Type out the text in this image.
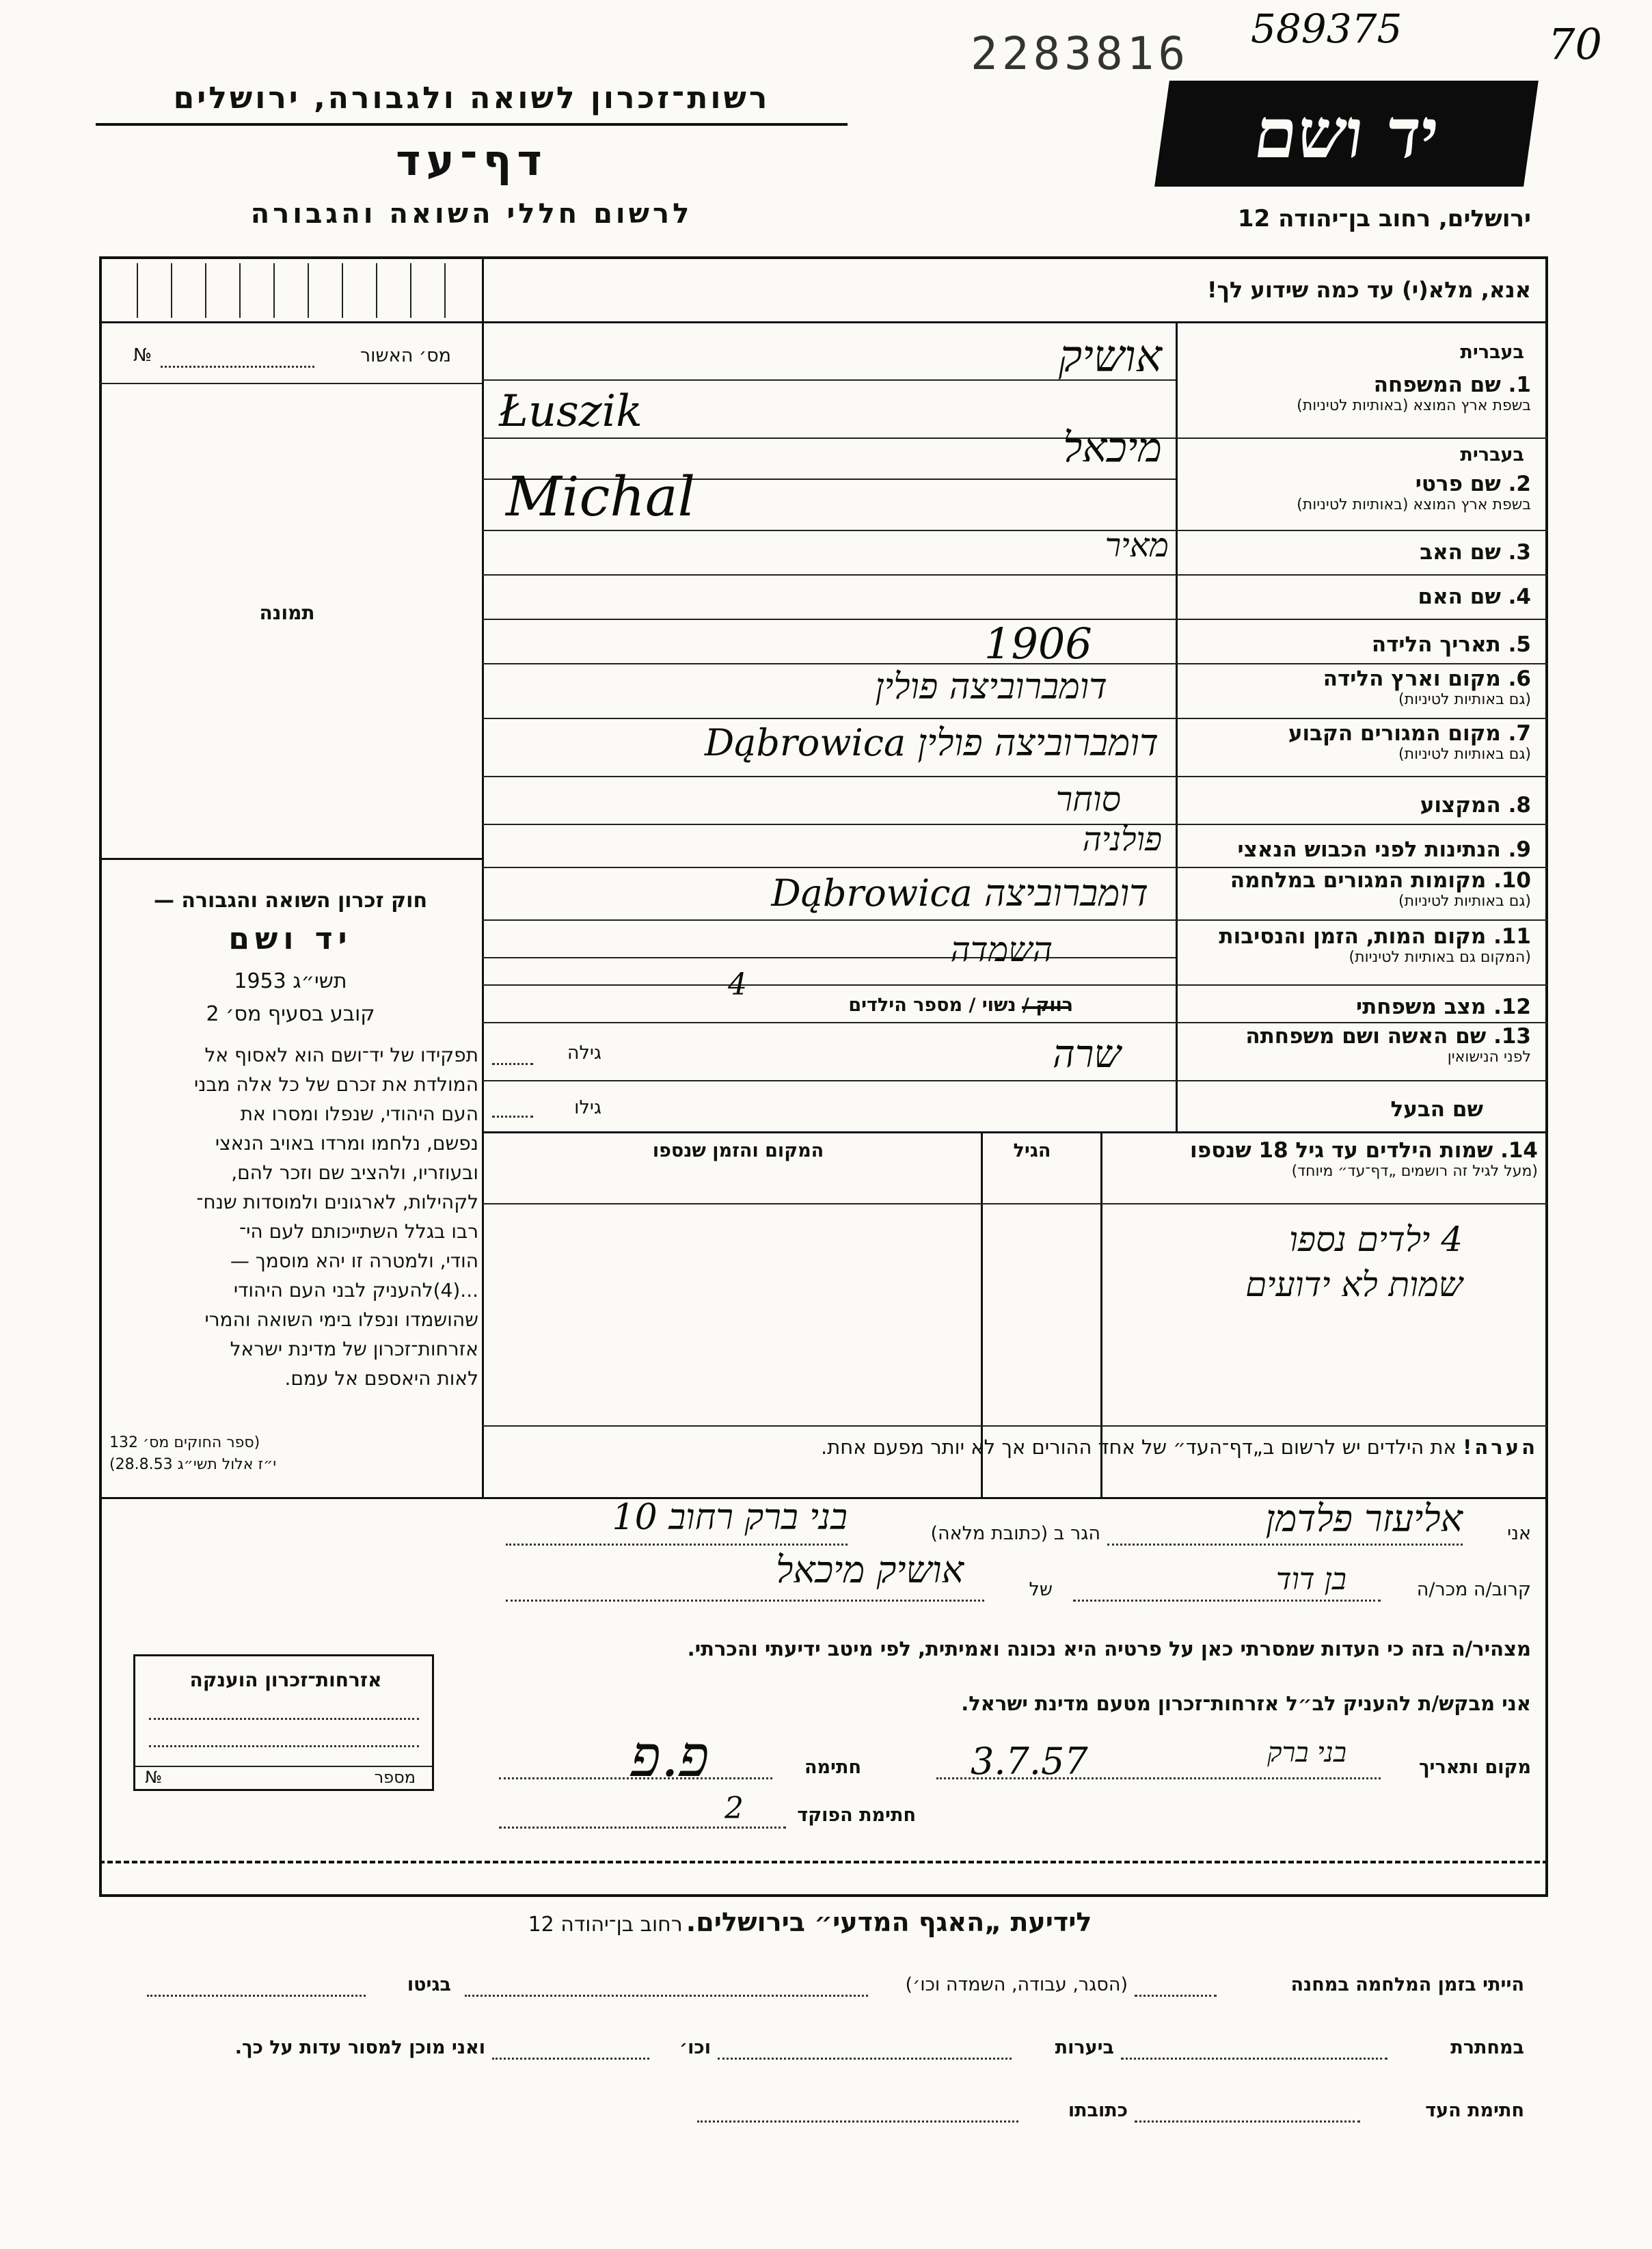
2283816 589375	70
רשות־זכרון לשואה ולגבורה, ירושלים
דף־עד
לרשום חללי השואה והגבורה
יד ושם
ירושלים, רחוב בן־יהודה 12
אנא, מלא(י) עד כמה שידוע לך!
מס׳ האשור
№
תמונה
חוק זכרון השואה והגבורה —
יד ושם
תשי״ג 1953
קובע בסעיף מס׳ 2

תפקידו של יד־ושם הוא לאסוף אל

המולדת את זכרם של כל אלה מבני

העם היהודי, שנפלו ומסרו את

נפשם, נלחמו ומרדו באויב הנאצי

ובעוזריו, ולהציב שם וזכר להם,

לקהילות, לארגונים ולמוסדות שנח־

רבו בגלל השתייכותם לעם הי־

הודי, ולמטרה זו יהא מוסמך —

...(4)להעניק לבני העם היהודי

שהושמדו ונפלו בימי השואה והמרי

אזרחות־זכרון של מדינת ישראל

לאות היאספם אל עמם.

(ספר החוקים מס׳ 132
י״ז אלול תשי״ג 28.8.53)
בעברית
1. שם המשפחה
בשפת ארץ המוצא (באותיות לטיניות)
בעברית
2. שם פרטי
בשפת ארץ המוצא (באותיות לטיניות)
3. שם האב
4. שם האם
5. תאריך הלידה
6. מקום וארץ הלידה
(גם באותיות לטיניות)
7. מקום המגורים הקבוע
(גם באותיות לטיניות)
8. המקצוע
9. הנתינות לפני הכבוש הנאצי
10. מקומות המגורים במלחמה
(גם באותיות לטיניות)
11. מקום המות, הזמן והנסיבות
(המקום גם באותיות לטיניות)
12. מצב משפחתי
רווק / נשוי / מספר הילדים
13. שם האשה ושם משפחתה
לפני הנישואין
גילה
שם הבעל
גילו
14. שמות הילדים עד גיל 18 שנספו
(מעל לגיל זה רושמים „דף־עד״ מיוחד)
הגיל
המקום והזמן שנספו
הערה! את הילדים יש לרשום ב„דף־העד״ של אחד ההורים אך לא יותר מפעם אחת.
אושיק
Łuszik
מיכאל
Michal
מאיר
1906
דומברוביצה פולין
דומברוביצה פולין Dąbrowica
סוחר
פולניה
דומברוביצה Dąbrowica
השמדה
4
שרה
4 ילדים נספו
שמות לא ידועים
אני
אליעזר פלדמן
הגר ב (כתובת מלאה)
בני ברק רחוב 10
קרוב/ה מכר/ה
בן דוד
של
אושיק מיכאל
מצהיר/ה בזה כי העדות שמסרתי כאן על פרטיה היא נכונה ואמיתית, לפי מיטב ידיעתי והכרתי.
אני מבקש/ת להעניק לב״ל אזרחות־זכרון מטעם מדינת ישראל.
מקום ותאריך
בני ברק
3.7.57
חתימה
פ.פ
חתימת הפוקד
2
אזרחות־זכרון הוענקה
מספר
№
לידיעת „האגף המדעי״ בירושלים. רחוב בן־יהודה 12
הייתי בזמן המלחמה במחנה
(הסגר, עבודה, השמדה וכו׳)
בגיטו
במחתרת
ביערות
וכו׳
ואני מוכן למסור עדות על כך.
חתימת העד
כתובתו
